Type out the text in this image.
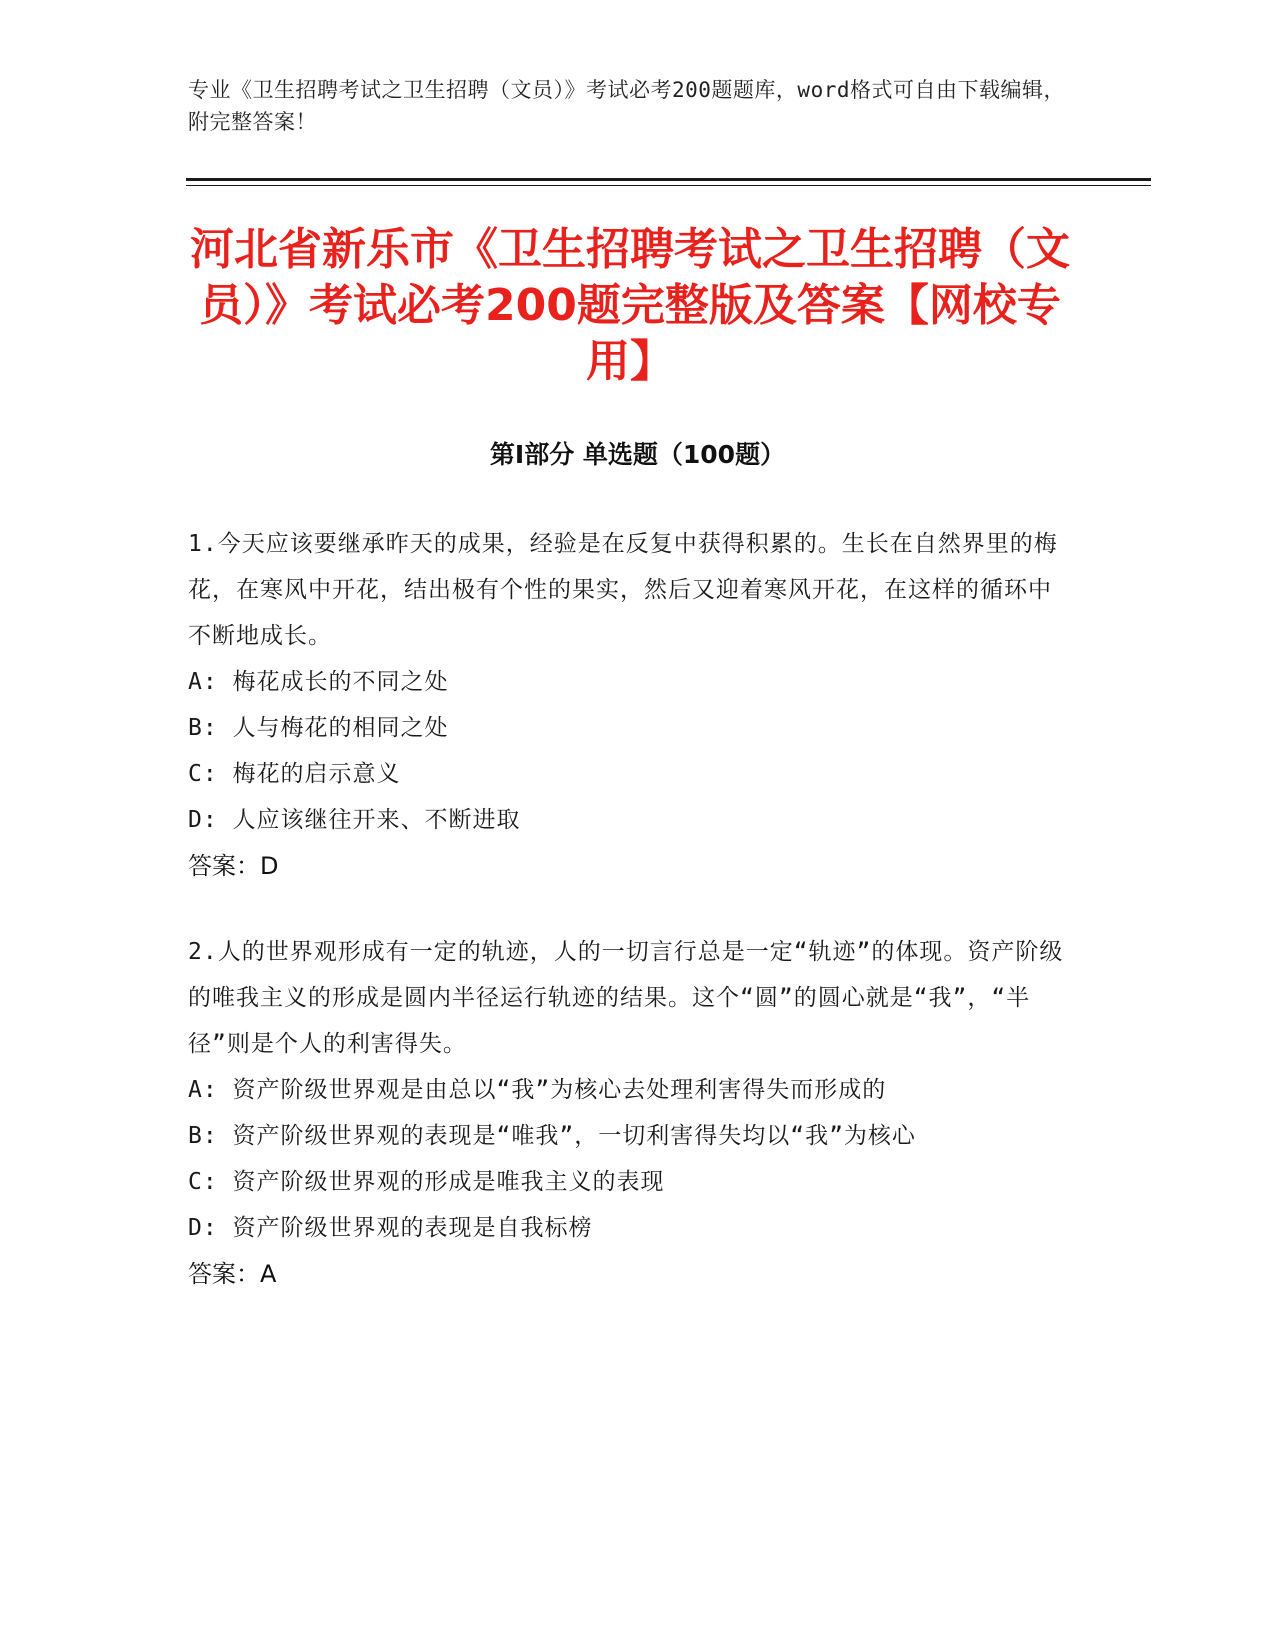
专业《卫生招聘考试之卫生招聘（文员）》考试必考200题题库，word格式可自由下载编辑，附完整答案！
河北省新乐市《卫生招聘考试之卫生招聘（文员）》考试必考200题完整版及答案【网校专用】
第I部分 单选题（100题）
1.今天应该要继承昨天的成果，经验是在反复中获得积累的。生长在自然界里的梅花，在寒风中开花，结出极有个性的果实，然后又迎着寒风开花，在这样的循环中不断地成长。
A: 梅花成长的不同之处
B: 人与梅花的相同之处
C: 梅花的启示意义
D: 人应该继往开来、不断进取
答案：D
2.人的世界观形成有一定的轨迹，人的一切言行总是一定“轨迹”的体现。资产阶级的唯我主义的形成是圆内半径运行轨迹的结果。这个“圆”的圆心就是“我”，“半径”则是个人的利害得失。
A: 资产阶级世界观是由总以“我”为核心去处理利害得失而形成的
B: 资产阶级世界观的表现是“唯我”，一切利害得失均以“我”为核心
C: 资产阶级世界观的形成是唯我主义的表现
D: 资产阶级世界观的表现是自我标榜
答案：A
